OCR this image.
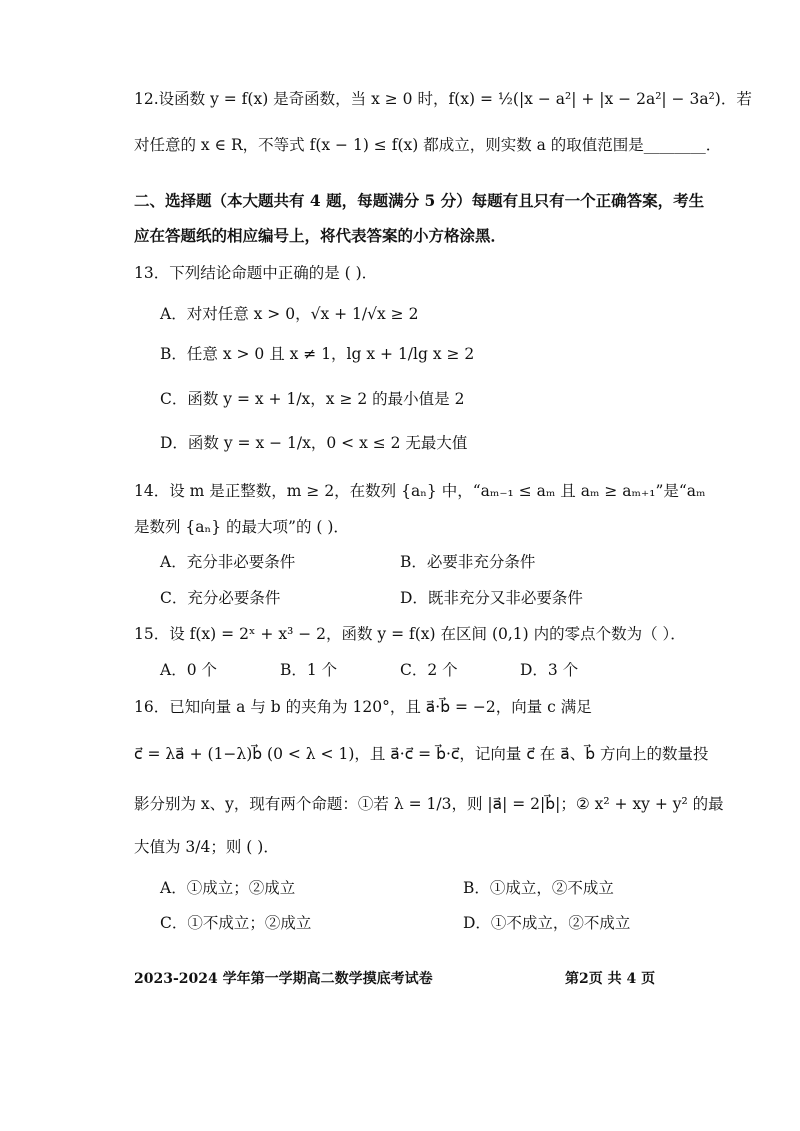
12.设函数 y = f(x) 是奇函数，当 x ≥ 0 时，f(x) = ½(|x − a²| + |x − 2a²| − 3a²)．若
对任意的 x ∈ R，不等式 f(x − 1) ≤ f(x) 都成立，则实数 a 的取值范围是________．
二、选择题（本大题共有 4 题，每题满分 5 分）每题有且只有一个正确答案，考生
应在答题纸的相应编号上，将代表答案的小方格涂黑．
13．下列结论命题中正确的是 ( )．
A．对对任意 x > 0，√x + 1/√x ≥ 2
B．任意 x > 0 且 x ≠ 1，lg x + 1/lg x ≥ 2
C．函数 y = x + 1/x，x ≥ 2 的最小值是 2
D．函数 y = x − 1/x，0 < x ≤ 2 无最大值
14．设 m 是正整数，m ≥ 2，在数列 {aₙ} 中，“aₘ₋₁ ≤ aₘ 且 aₘ ≥ aₘ₊₁”是“aₘ
是数列 {aₙ} 的最大项”的 ( )．
A．充分非必要条件	B．必要非充分条件
C．充分必要条件	D．既非充分又非必要条件
15．设 f(x) = 2ˣ + x³ − 2，函数 y = f(x) 在区间 (0,1) 内的零点个数为（ ）．
A．0 个	B．1 个	C．2 个	D．3 个
16．已知向量 a 与 b 的夹角为 120°，且 a⃗·b⃗ = −2，向量 c 满足
c⃗ = λa⃗ + (1−λ)b⃗ (0 < λ < 1)，且 a⃗·c⃗ = b⃗·c⃗，记向量 c⃗ 在 a⃗、b⃗ 方向上的数量投
影分别为 x、y，现有两个命题：①若 λ = 1/3，则 |a⃗| = 2|b⃗|；② x² + xy + y² 的最
大值为 3/4；则 ( )．
A．①成立；②成立	B．①成立，②不成立
C．①不成立；②成立	D．①不成立，②不成立
2023-2024 学年第一学期高二数学摸底考试卷	第2页 共 4 页
